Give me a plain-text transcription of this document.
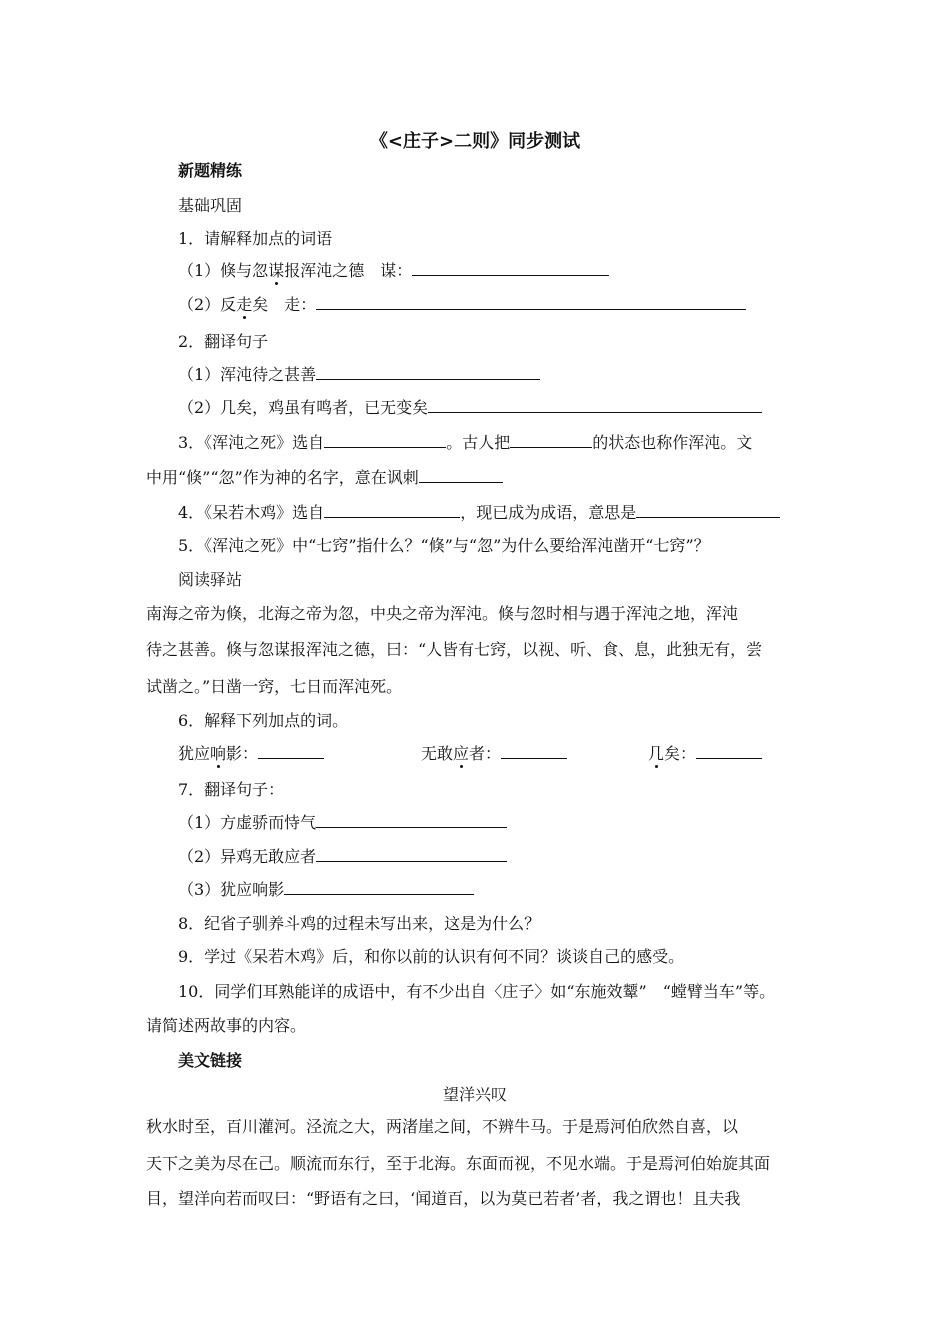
《<庄子>二则》同步测试
新题精练
基础巩固
1．请解释加点的词语
（1）倏与忽谋报浑沌之德　谋：
（2）反走矣　走：
2．翻译句子
（1）浑沌待之甚善
（2）几矣，鸡虽有鸣者，已无变矣
3．《浑沌之死》选自	。古人把	的状态也称作浑沌。文
中用“倏”“忽”作为神的名字，意在讽刺
4．《呆若木鸡》选自	，现已成为成语，意思是
5．《浑沌之死》中“七窍”指什么？“倏”与“忽”为什么要给浑沌凿开“七窍”？
阅读驿站
南海之帝为倏，北海之帝为忽，中央之帝为浑沌。倏与忽时相与遇于浑沌之地，浑沌
待之甚善。倏与忽谋报浑沌之德，曰：“人皆有七窍，以视、听、食、息，此独无有，尝
试凿之。”日凿一窍，七日而浑沌死。
6．解释下列加点的词。
犹应响影：	无敢应者：	几矣：
7．翻译句子：
（1）方虚骄而恃气
（2）异鸡无敢应者
（3）犹应响影
8．纪省子驯养斗鸡的过程未写出来，这是为什么？
9．学过《呆若木鸡》后，和你以前的认识有何不同？谈谈自己的感受。
10．同学们耳熟能详的成语中，有不少出自〈庄子〉如“东施效颦”　“螳臂当车”等。
请简述两故事的内容。
美文链接
望洋兴叹
秋水时至，百川灌河。泾流之大，两渚崖之间，不辨牛马。于是焉河伯欣然自喜，以
天下之美为尽在己。顺流而东行，至于北海。东面而视，不见水端。于是焉河伯始旋其面
目，望洋向若而叹曰：“野语有之曰，‘闻道百，以为莫已若者’者，我之谓也！且夫我
